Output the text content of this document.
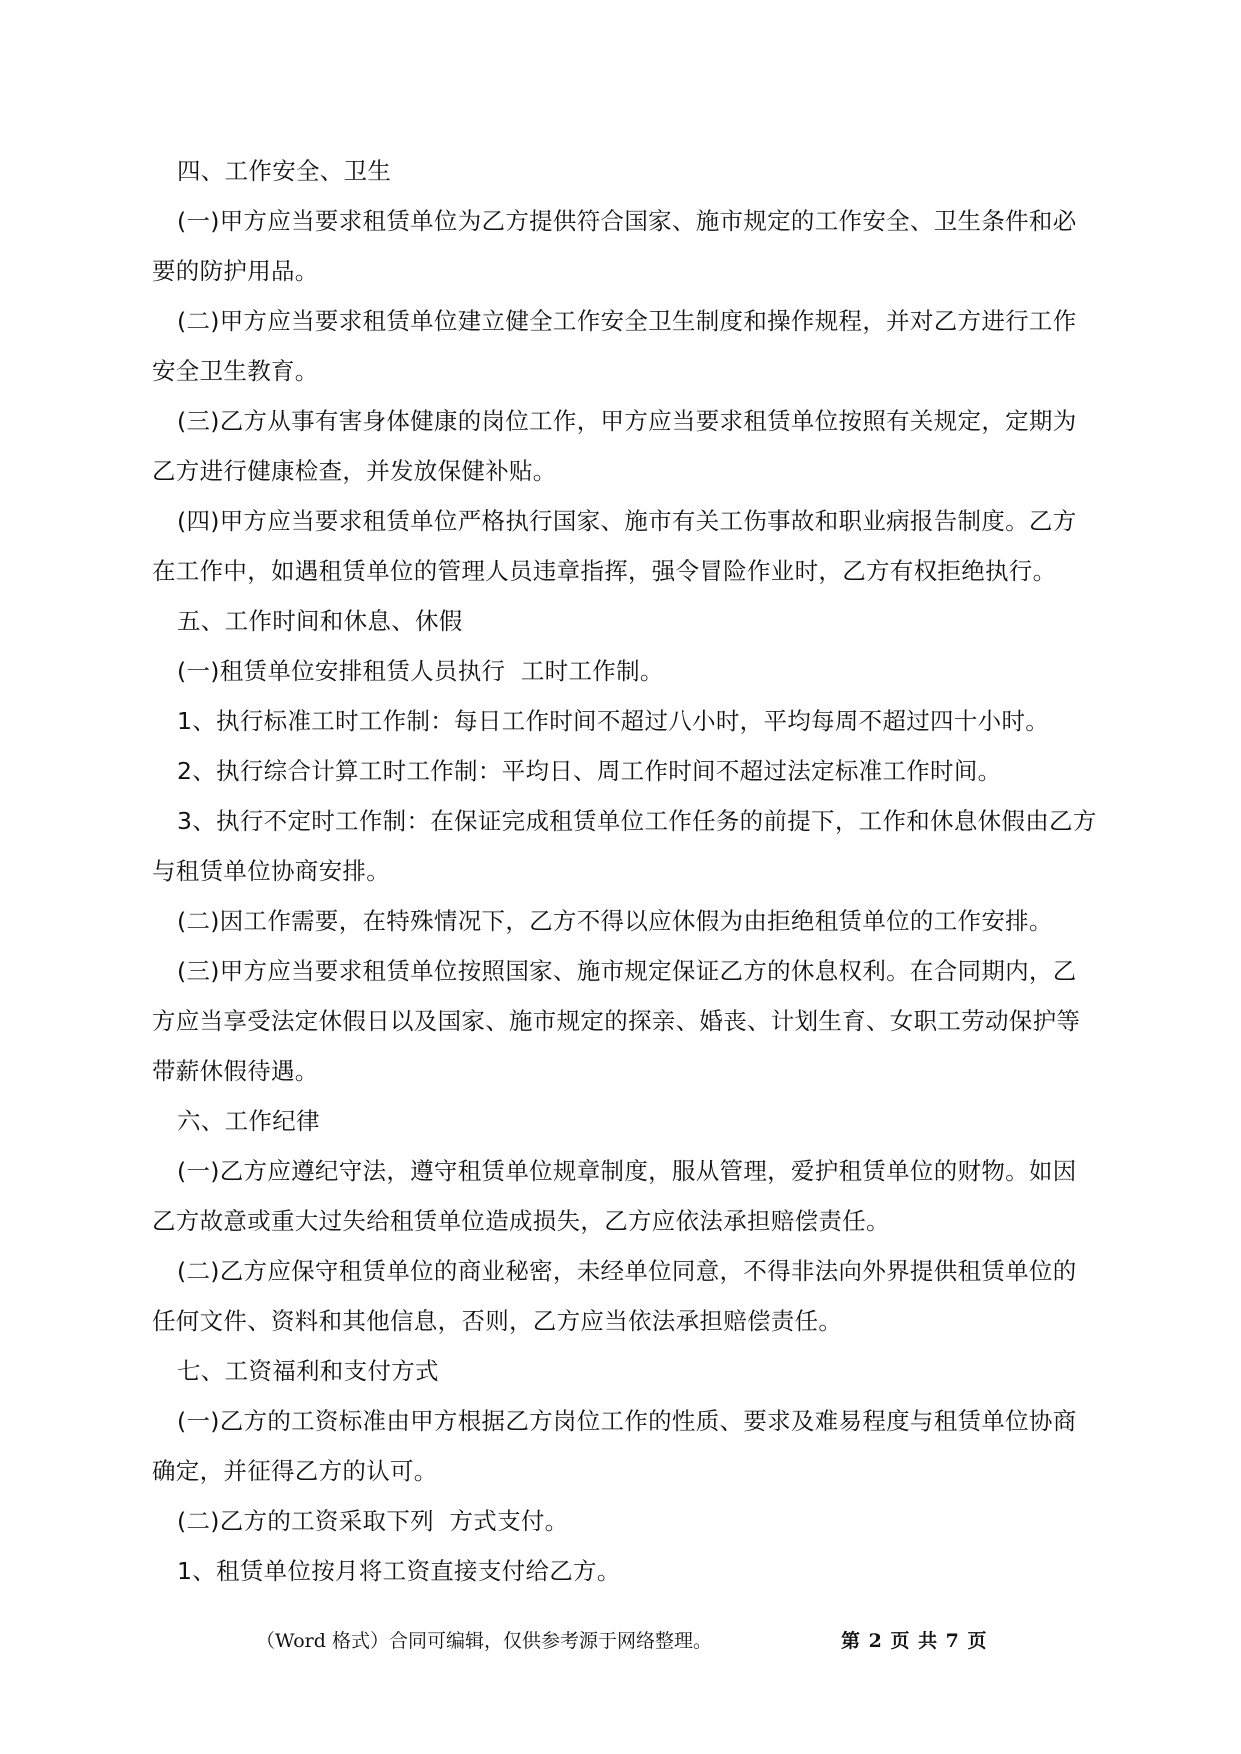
四、工作安全、卫生

(一)甲方应当要求租赁单位为乙方提供符合国家、施市规定的工作安全、卫生条件和必要的防护用品。

(二)甲方应当要求租赁单位建立健全工作安全卫生制度和操作规程，并对乙方进行工作安全卫生教育。

(三)乙方从事有害身体健康的岗位工作，甲方应当要求租赁单位按照有关规定，定期为乙方进行健康检查，并发放保健补贴。

(四)甲方应当要求租赁单位严格执行国家、施市有关工伤事故和职业病报告制度。乙方在工作中，如遇租赁单位的管理人员违章指挥，强令冒险作业时，乙方有权拒绝执行。

五、工作时间和休息、休假

(一)租赁单位安排租赁人员执行  工时工作制。

1、执行标准工时工作制：每日工作时间不超过八小时，平均每周不超过四十小时。

2、执行综合计算工时工作制：平均日、周工作时间不超过法定标准工作时间。

3、执行不定时工作制：在保证完成租赁单位工作任务的前提下，工作和休息休假由乙方与租赁单位协商安排。

(二)因工作需要，在特殊情况下，乙方不得以应休假为由拒绝租赁单位的工作安排。

(三)甲方应当要求租赁单位按照国家、施市规定保证乙方的休息权利。在合同期内，乙方应当享受法定休假日以及国家、施市规定的探亲、婚丧、计划生育、女职工劳动保护等带薪休假待遇。

六、工作纪律

(一)乙方应遵纪守法，遵守租赁单位规章制度，服从管理，爱护租赁单位的财物。如因乙方故意或重大过失给租赁单位造成损失，乙方应依法承担赔偿责任。

(二)乙方应保守租赁单位的商业秘密，未经单位同意，不得非法向外界提供租赁单位的任何文件、资料和其他信息，否则，乙方应当依法承担赔偿责任。

七、工资福利和支付方式

(一)乙方的工资标准由甲方根据乙方岗位工作的性质、要求及难易程度与租赁单位协商确定，并征得乙方的认可。

(二)乙方的工资采取下列  方式支付。

1、租赁单位按月将工资直接支付给乙方。

（Word 格式）合同可编辑，仅供参考源于网络整理。	第 2 页 共 7 页
